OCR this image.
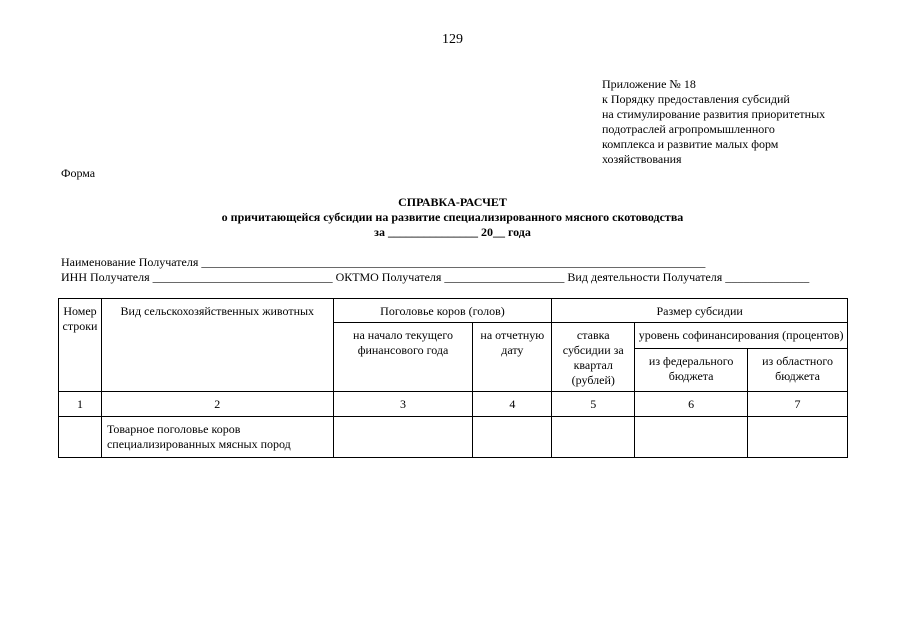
129
Приложение № 18
к Порядку предоставления субсидий
на стимулирование развития приоритетных
подотраслей агропромышленного
комплекса и развитие малых форм
хозяйствования
Форма
СПРАВКА-РАСЧЕТ
о причитающейся субсидии на развитие специализированного мясного скотоводства
за _______________ 20__ года
Наименование Получателя ____________________________________________________________________________________
ИНН Получателя ______________________________ ОКТМО Получателя ____________________ Вид деятельности Получателя ______________
Номер строки	Вид сельскохозяйственных животных	Поголовье коров (голов)		Размер субсидии		
		на начало текущего финансового года	на отчетную дату	ставка субсидии за квартал (рублей)	уровень софинансирования (процентов)	
					из федерального бюджета	из областного бюджета
1	2	3	4	5	6	7
	Товарное поголовье коров специализированных мясных пород					
